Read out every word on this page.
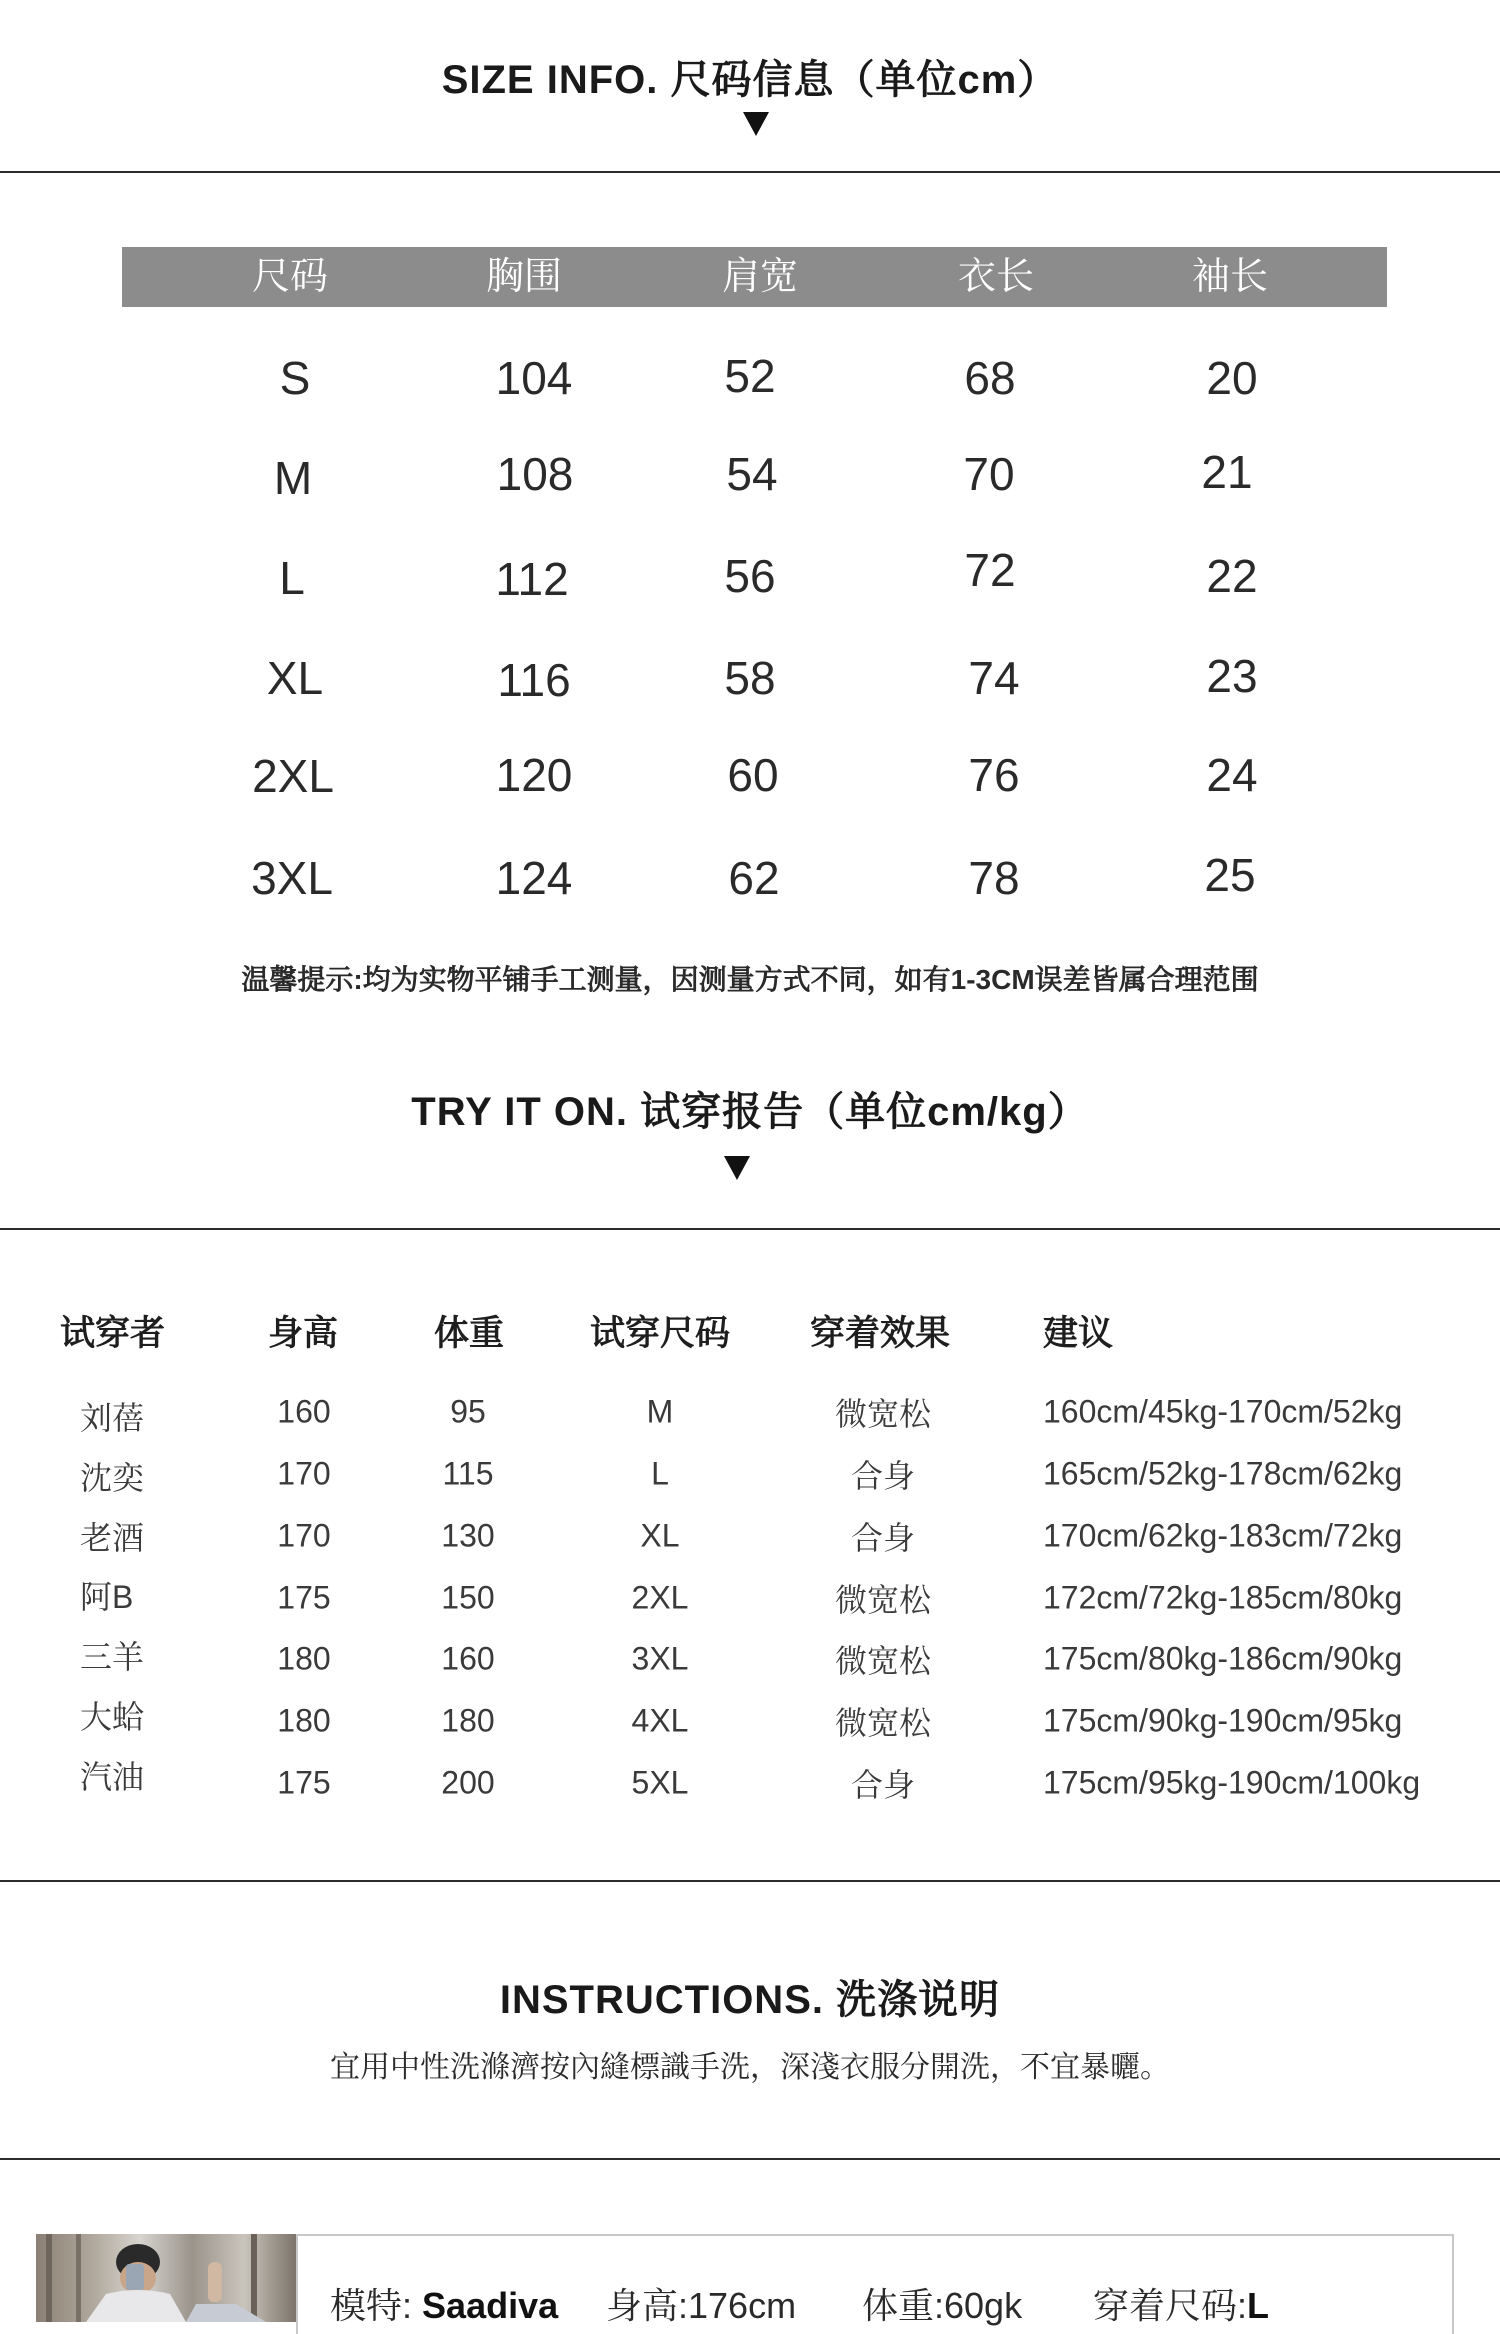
SIZE INFO. 尺码信息（单位cm）
尺码	胸围	肩宽	衣长	袖长
S	104	52	68	20
M	108	54	70	21
L	112	56	72	22
XL	116	58	74	23
2XL	120	60	76	24
3XL	124	62	78	25
温馨提示:均为实物平铺手工测量，因测量方式不同，如有1-3CM误差皆属合理范围
TRY IT ON. 试穿报告（单位cm/kg）
试穿者	身高	体重 试穿尺码 穿着效果	建议
刘蓓	160	95	M	微宽松	160cm/45kg-170cm/52kg
沈奕	170	115	L	合身	165cm/52kg-178cm/62kg
老酒	170	130	XL	合身	170cm/62kg-183cm/72kg
阿B	175	150	2XL	微宽松	172cm/72kg-185cm/80kg
三羊	180	160	3XL	微宽松	175cm/80kg-186cm/90kg
大蛤	180	180	4XL	微宽松	175cm/90kg-190cm/95kg
汽油	175	200	5XL	合身	175cm/95kg-190cm/100kg
INSTRUCTIONS. 洗涤说明
宜用中性洗滌濟按內縫標識手洗，深淺衣服分開洗，不宜暴曬。
模特: Saadiva 身高:176cm 体重:60gk 穿着尺码:L
